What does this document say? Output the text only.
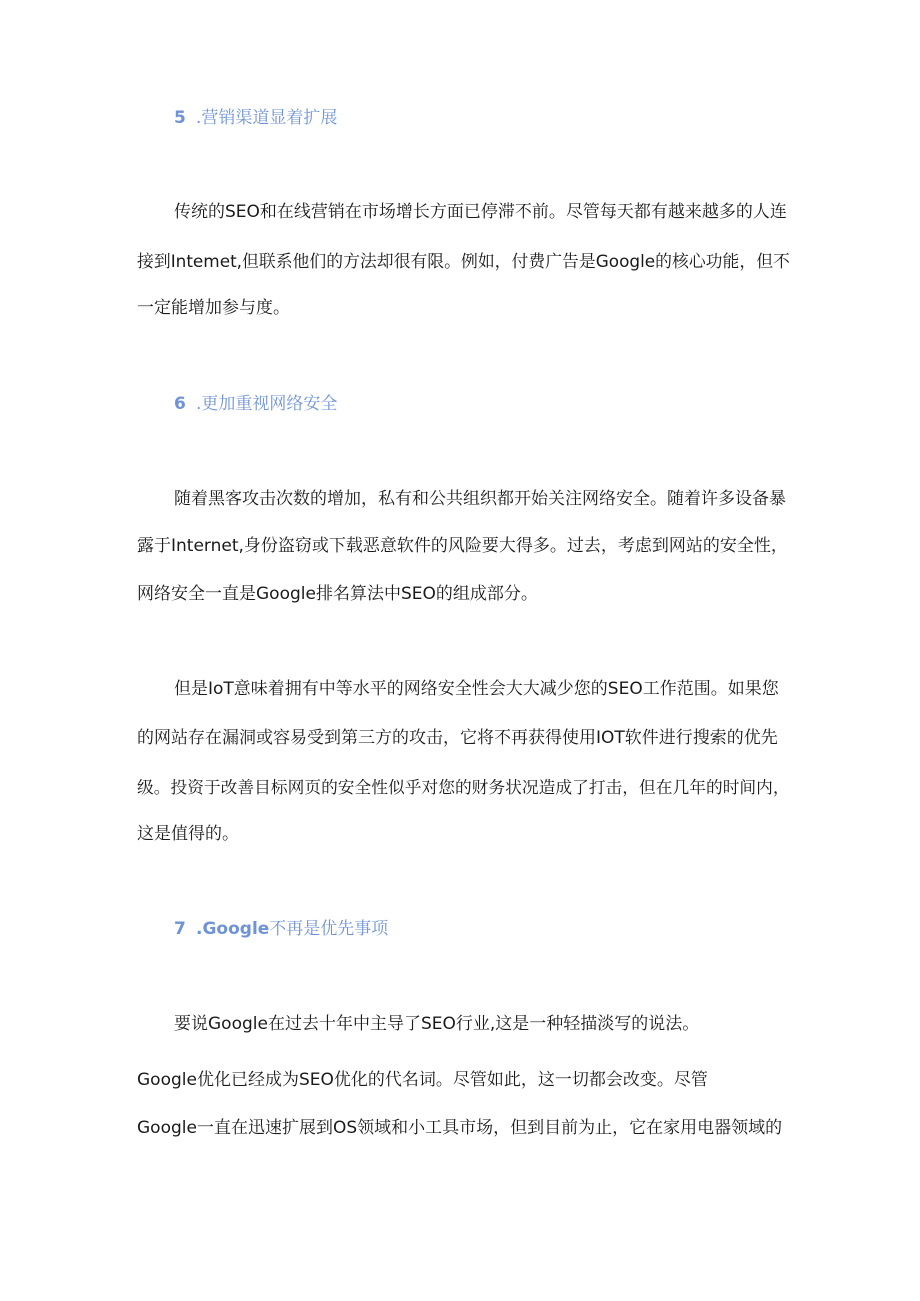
5 .营销渠道显着扩展
传统的SEO和在线营销在市场增长方面已停滞不前。尽管每天都有越来越多的人连
接到Intemet,但联系他们的方法却很有限。例如，付费广告是Google的核心功能，但不
一定能增加参与度。
6 .更加重视网络安全
随着黑客攻击次数的增加，私有和公共组织都开始关注网络安全。随着许多设备暴
露于Internet,身份盗窃或下载恶意软件的风险要大得多。过去，考虑到网站的安全性，
网络安全一直是Google排名算法中SEO的组成部分。
但是IoT意味着拥有中等水平的网络安全性会大大减少您的SEO工作范围。如果您
的网站存在漏洞或容易受到第三方的攻击，它将不再获得使用IOT软件进行搜索的优先
级。投资于改善目标网页的安全性似乎对您的财务状况造成了打击，但在几年的时间内，
这是值得的。
7 .Google不再是优先事项
要说Google在过去十年中主导了SEO行业,这是一种轻描淡写的说法。
Google优化已经成为SEO优化的代名词。尽管如此，这一切都会改变。尽管
Google一直在迅速扩展到OS领域和小工具市场，但到目前为止，它在家用电器领域的
